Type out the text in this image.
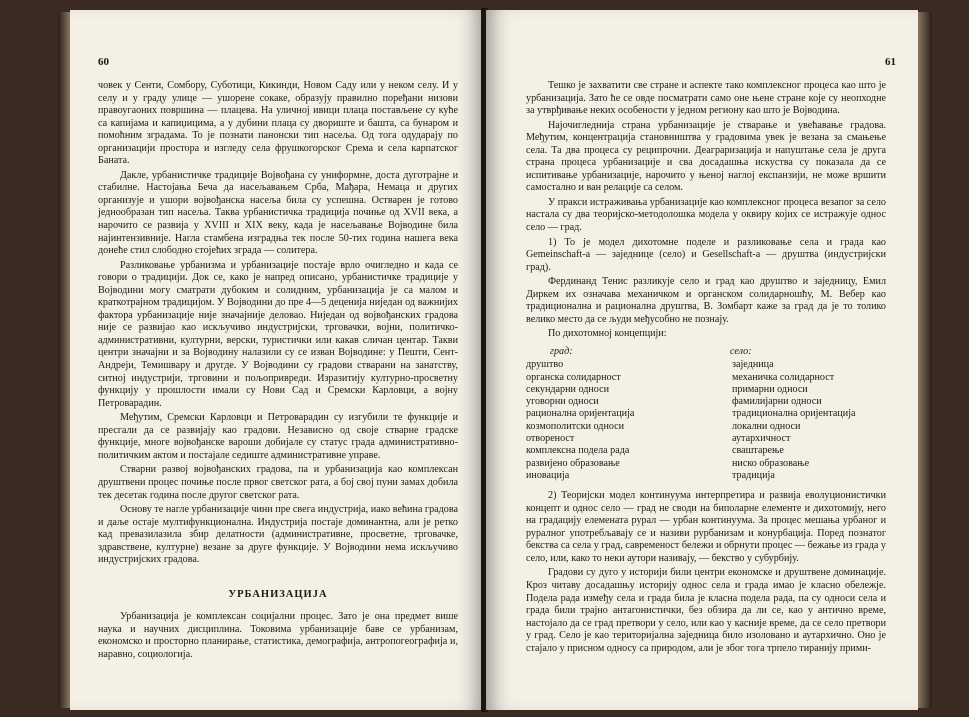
60

човек у Сенти, Сомбору, Суботици, Кикинди, Новом Саду или у неком селу. И у селу и у граду улице — ушорене сокаке, образују правилно поређани низови правоугаоних површина — плацева. На уличној ивици плаца постављене су куће са капијама и капиџицима, а у дубини плаца су двориште и башта, са бунаром и помоћним зградама. То је познати панонски тип насеља. Од тога одударају по организацији простора и изгледу села фрушкогорског Срема и села карпатског Баната.

Дакле, урбанистичке традиције Војвођана су униформне, доста дуготрајне и стабилне. Настојања Беча да насељавањем Срба, Мађара, Немаца и других организује и ушори војвођанска насеља била су успешна. Остварен је готово једнообразан тип насеља. Таква урбанистичка традиција почиње од XVII века, а нарочито се развија у XVIII и XIX веку, када је насељавање Војводине била најинтензивније. Нагла стамбена изградња тек после 50-тих година нашега века донеће стил слободно стојећих зграда — солитера.

Разликовање урбанизма и урбанизације постаје врло очигледно и када се говори о традицији. Док се, како је напред описано, урбанистичке традиције у Војводини могу сматрати дубоким и солидним, урбанизација је са малом и краткотрајном традицијом. У Војводини до пре 4—5 деценија ниједан од важнијих фактора урбанизације није значајније деловао. Ниједан од војвођанских градова није се развијао као искључиво индустријски, трговачки, војни, политичко-административни, културни, верски, туристички или какав сличан центар. Такви центри значајни и за Војводину налазили су се изван Војводине: у Пешти, Сент-Андреји, Темишвару и другде. У Војводини су градови стварани на занатству, ситној индустрији, трговини и пољопривреди. Изразитију културно-просветну функцију у прошлости имали су Нови Сад и Сремски Карловци, а војну Петроварадин.

Међутим, Сремски Карловци и Петроварадин су изгубили те функције и пресгали да се развијају као градови. Независно од своје стварне градске функције, многе војвођанске вароши добијале су статус града административно-политичким актом и постајале седиште административне управе.

Стварни развој војвођанских градова, па и урбанизација као комплексан друштвени процес почиње после првог светског рата, а бој свој пуни замах добила тек десетак година после другог светског рата.

Основу те нагле урбанизације чини пре свега индустрија, иако већина градова и даље остаје мултифункционална. Индустрија постаје доминантна, али је ретко кад превазилазила збир делатности (административне, просветне, трговачке, здравствене, културне) везане за друге функције. У Војводини нема искључиво индустријских градова.

УРБАНИЗАЦИЈА

Урбанизација је комплексан социјални процес. Зато је она предмет више наука и научних дисциплина. Токовима урбанизације баве се урбанизам, економско и просторно планирање, статистика, демографија, антропогеографија и, наравно, социологија.

61

Тешко је захватити све стране и аспекте тако комплексног процеса као што је урбанизација. Зато ће се овде посматрати само оне њене стране које су неопходне за утврђивање неких особености у једном региону као што је Војводина.

Најочигледнија страна урбанизације је стварање и увећавање градова. Међутим, концентрација становништва у градовима увек је везана за смањење села. Та два процеса су реципрочни. Деаграризација и напуштање села је друга страна процеса урбанизације и сва досадашња искуства су показала да се испитивање урбанизације, нарочито у њеној наглој експанзији, не може вршити самостално и ван релације са селом.

У пракси истраживања урбанизације као комплексног процеса везапог за село настала су два теоријско-методолошка модела у оквиру којих се истражује однос село — град.

1) То је модел дихотомне поделе и разликовање села и града као Gemeinschaft-а — заједнице (село) и Gesellschaft-а — друштва (индустријски град).

Фердинанд Тенис разликује село и град као друштво и заједницу, Емил Диркем их означава механичком и органском солидарношћу, М. Вебер као традиционална и рационална друштва, В. Зомбарт каже за град да је то толико велико место да се људи међусобно не познају.

По дихотомној концепцији:

град:	село:
друштво	заједница
органска солидарност	механичка солидарност
секундарни односи	примарни односи
уговорни односи	фамилијарни односи
рационална оријентација	традиционална оријентација
козмополитски односи	локални односи
отвореност	аутархичност
комплексна подела рада	сваштарење
развијено образовање	ниско образовање
иновација	традиција

2) Теоријски модел континуума интерпретира и развија еволуционистички концепт и однос село — град не своди на биполарне елементе и дихотомију, него на градацију елемената рурал — урбан континуума. За процес мешања урбаног и руралног употребљавају се и називи рурбанизам и конурбација. Поред познатог бекства са села у град, савременост бележи и обрнути процес — бежање из града у село, или, како то неки аутори називају, — бекство у субурбију.

Градови су дуго у историји били центри економске и друштвене доминације. Кроз читаву досадашњу историју однос села и града имао је класно обележје. Подела рада између села и града била је класна подела рада, па су односи села и града били трајно антагонистички, без обзира да ли се, као у антично време, настојало да се град претвори у село, или као у каснијe време, да се село претвори у град. Село је као територијална заједница било изоловано и аутархично. Оно је стајало у присном односу са природом, али је због тога трпело тиранију прими-
